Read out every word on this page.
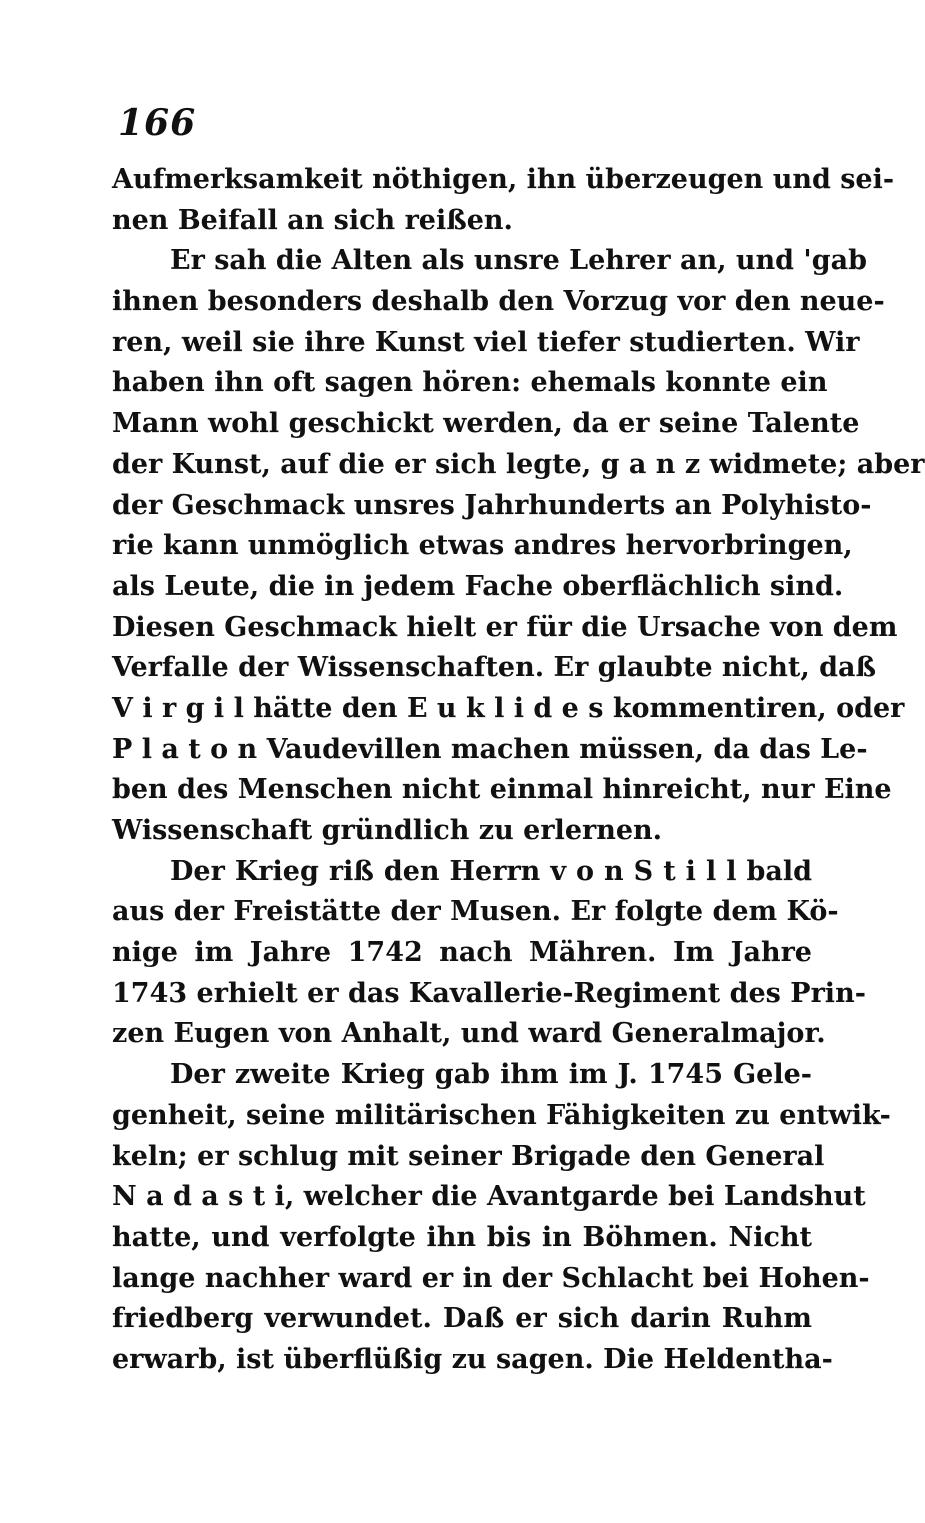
166
Aufmerksamkeit nöthigen, ihn überzeugen und sei-
nen Beifall an sich reißen.
Er sah die Alten als unsre Lehrer an, und 'gab
ihnen besonders deshalb den Vorzug vor den neue-
ren, weil sie ihre Kunst viel tiefer studierten. Wir
haben ihn oft sagen hören: ehemals konnte ein
Mann wohl geschickt werden, da er seine Talente
der Kunst, auf die er sich legte, g a n z widmete; aber
der Geschmack unsres Jahrhunderts an Polyhisto-
rie kann unmöglich etwas andres hervorbringen,
als Leute, die in jedem Fache oberflächlich sind.
Diesen Geschmack hielt er für die Ursache von dem
Verfalle der Wissenschaften. Er glaubte nicht, daß
V i r g i l hätte den E u k l i d e s kommentiren, oder
P l a t o n Vaudevillen machen müssen, da das Le-
ben des Menschen nicht einmal hinreicht, nur Eine
Wissenschaft gründlich zu erlernen.
Der Krieg riß den Herrn v o n S t i l l bald
aus der Freistätte der Musen. Er folgte dem Kö-
nige im Jahre 1742 nach Mähren. Im Jahre
1743 erhielt er das Kavallerie-Regiment des Prin-
zen Eugen von Anhalt, und ward Generalmajor.
Der zweite Krieg gab ihm im J. 1745 Gele-
genheit, seine militärischen Fähigkeiten zu entwik-
keln; er schlug mit seiner Brigade den General
N a d a s t i, welcher die Avantgarde bei Landshut
hatte, und verfolgte ihn bis in Böhmen. Nicht
lange nachher ward er in der Schlacht bei Hohen-
friedberg verwundet. Daß er sich darin Ruhm
erwarb, ist überflüßig zu sagen. Die Heldentha-
